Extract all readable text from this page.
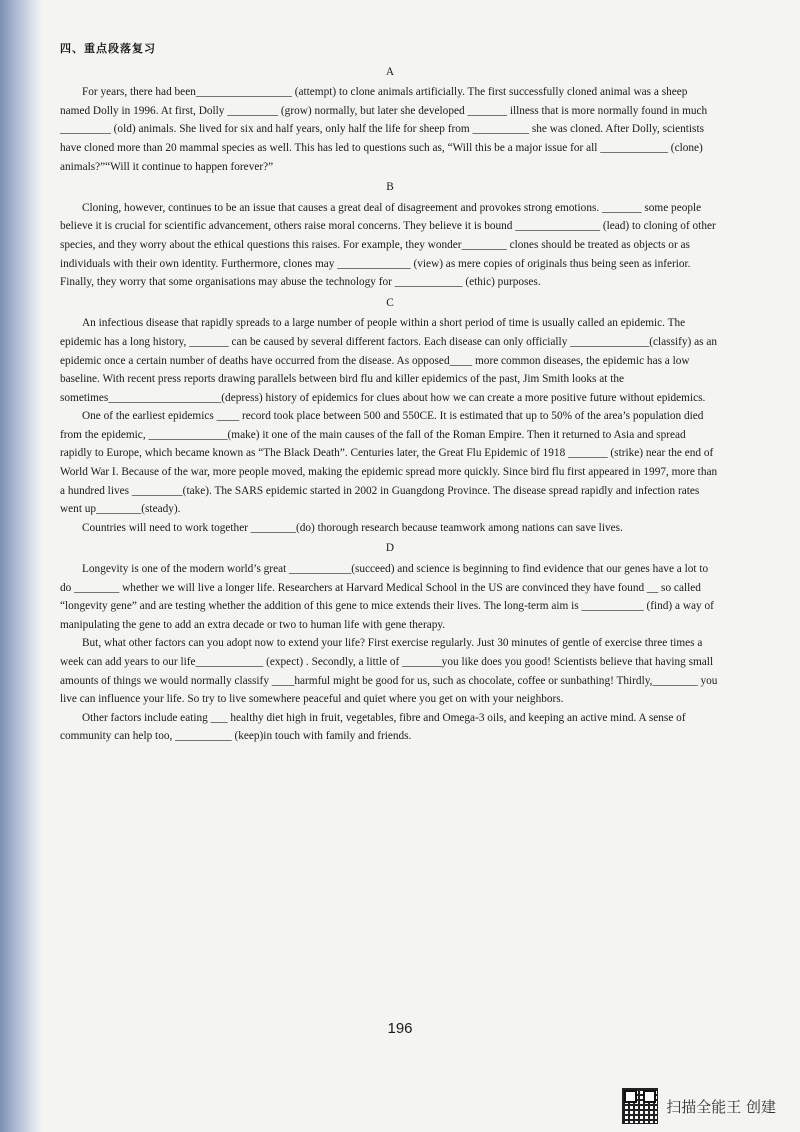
四、重点段落复习
A

For years, there had been_________________ (attempt) to clone animals artificially. The first successfully cloned animal was a sheep named Dolly in 1996. At first, Dolly _________ (grow) normally, but later she developed _______ illness that is more normally found in much _________ (old) animals. She lived for six and half years, only half the life for sheep from __________ she was cloned. After Dolly, scientists have cloned more than 20 mammal species as well. This has led to questions such as, “Will this be a major issue for all ____________ (clone) animals?”“Will it continue to happen forever?”

B

Cloning, however, continues to be an issue that causes a great deal of disagreement and provokes strong emotions. _______ some people believe it is crucial for scientific advancement, others raise moral concerns. They believe it is bound _______________ (lead) to cloning of other species, and they worry about the ethical questions this raises. For example, they wonder________ clones should be treated as objects or as individuals with their own identity. Furthermore, clones may _____________ (view) as mere copies of originals thus being seen as inferior. Finally, they worry that some organisations may abuse the technology for ____________ (ethic) purposes.

C

An infectious disease that rapidly spreads to a large number of people within a short period of time is usually called an epidemic. The epidemic has a long history, _______ can be caused by several different factors. Each disease can only officially ______________(classify) as an epidemic once a certain number of deaths have occurred from the disease. As opposed____ more common diseases, the epidemic has a low baseline. With recent press reports drawing parallels between bird flu and killer epidemics of the past, Jim Smith looks at the sometimes____________________(depress) history of epidemics for clues about how we can create a more positive future without epidemics.

One of the earliest epidemics ____ record took place between 500 and 550CE. It is estimated that up to 50% of the area’s population died from the epidemic, ______________(make) it one of the main causes of the fall of the Roman Empire. Then it returned to Asia and spread rapidly to Europe, which became known as “The Black Death”. Centuries later, the Great Flu Epidemic of 1918 _______ (strike) near the end of World War I. Because of the war, more people moved, making the epidemic spread more quickly. Since bird flu first appeared in 1997, more than a hundred lives _________(take). The SARS epidemic started in 2002 in Guangdong Province. The disease spread rapidly and infection rates went up________(steady).

Countries will need to work together ________(do) thorough research because teamwork among nations can save lives.

D

Longevity is one of the modern world’s great ___________(succeed) and science is beginning to find evidence that our genes have a lot to do ________ whether we will live a longer life. Researchers at Harvard Medical School in the US are convinced they have found __ so called “longevity gene” and are testing whether the addition of this gene to mice extends their lives. The long-term aim is ___________ (find) a way of manipulating the gene to add an extra decade or two to human life with gene therapy.

But, what other factors can you adopt now to extend your life? First exercise regularly. Just 30 minutes of gentle of exercise three times a week can add years to our life____________ (expect) . Secondly, a little of _______you like does you good! Scientists believe that having small amounts of things we would normally classify ____harmful might be good for us, such as chocolate, coffee or sunbathing! Thirdly,________ you live can influence your life. So try to live somewhere peaceful and quiet where you get on with your neighbors.

Other factors include eating ___ healthy diet high in fruit, vegetables, fibre and Omega-3 oils, and keeping an active mind. A sense of community can help too, __________ (keep)in touch with family and friends.

196
扫描全能王 创建
